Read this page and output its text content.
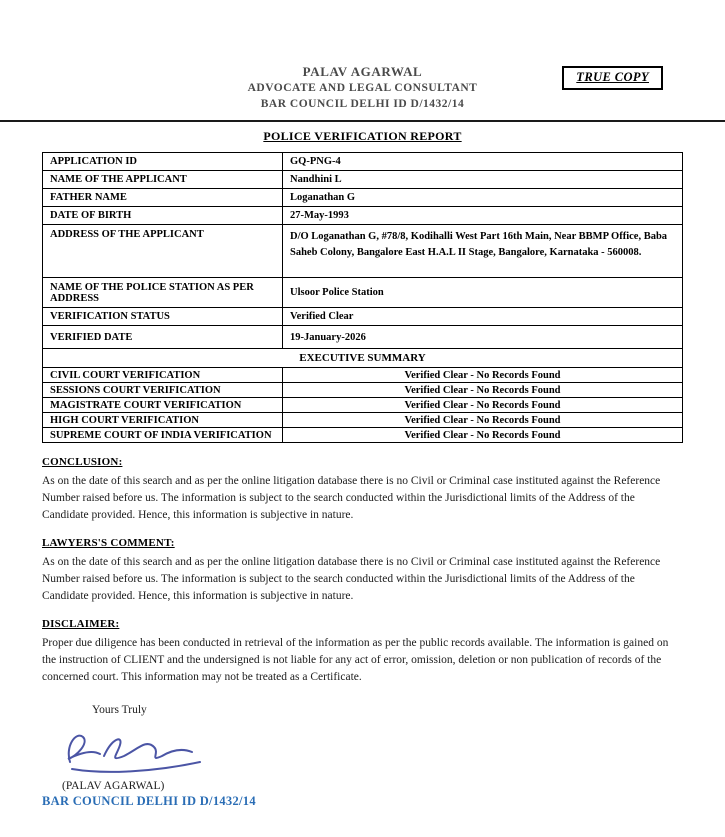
TRUE COPY
PALAV AGARWAL
ADVOCATE AND LEGAL CONSULTANT
BAR COUNCIL DELHI ID D/1432/14
POLICE VERIFICATION REPORT
APPLICATION ID	GQ-PNG-4
NAME OF THE APPLICANT	Nandhini L
FATHER NAME	Loganathan G
DATE OF BIRTH	27-May-1993
ADDRESS OF THE APPLICANT	D/O Loganathan G, #78/8, Kodihalli West Part 16th Main, Near BBMP Office, Baba Saheb Colony, Bangalore East H.A.L II Stage, Bangalore, Karnataka - 560008.
NAME OF THE POLICE STATION AS PER ADDRESS	Ulsoor Police Station
VERIFICATION STATUS	Verified Clear
VERIFIED DATE	19-January-2026
EXECUTIVE SUMMARY	
CIVIL COURT VERIFICATION	Verified Clear - No Records Found
SESSIONS COURT VERIFICATION	Verified Clear - No Records Found
MAGISTRATE COURT VERIFICATION	Verified Clear - No Records Found
HIGH COURT VERIFICATION	Verified Clear - No Records Found
SUPREME COURT OF INDIA VERIFICATION	Verified Clear - No Records Found
CONCLUSION:

As on the date of this search and as per the online litigation database there is no Civil or Criminal case instituted against the Reference Number raised before us. The information is subject to the search conducted within the Jurisdictional limits of the Address of the Candidate provided. Hence, this information is subjective in nature.

LAWYERS'S COMMENT:

As on the date of this search and as per the online litigation database there is no Civil or Criminal case instituted against the Reference Number raised before us. The information is subject to the search conducted within the Jurisdictional limits of the Address of the Candidate provided. Hence, this information is subjective in nature.

DISCLAIMER:

Proper due diligence has been conducted in retrieval of the information as per the public records available. The information is gained on the instruction of CLIENT and the undersigned is not liable for any act of error, omission, deletion or non publication of records of the concerned court. This information may not be treated as a Certificate.

Yours Truly
(PALAV AGARWAL)
BAR COUNCIL DELHI ID D/1432/14
